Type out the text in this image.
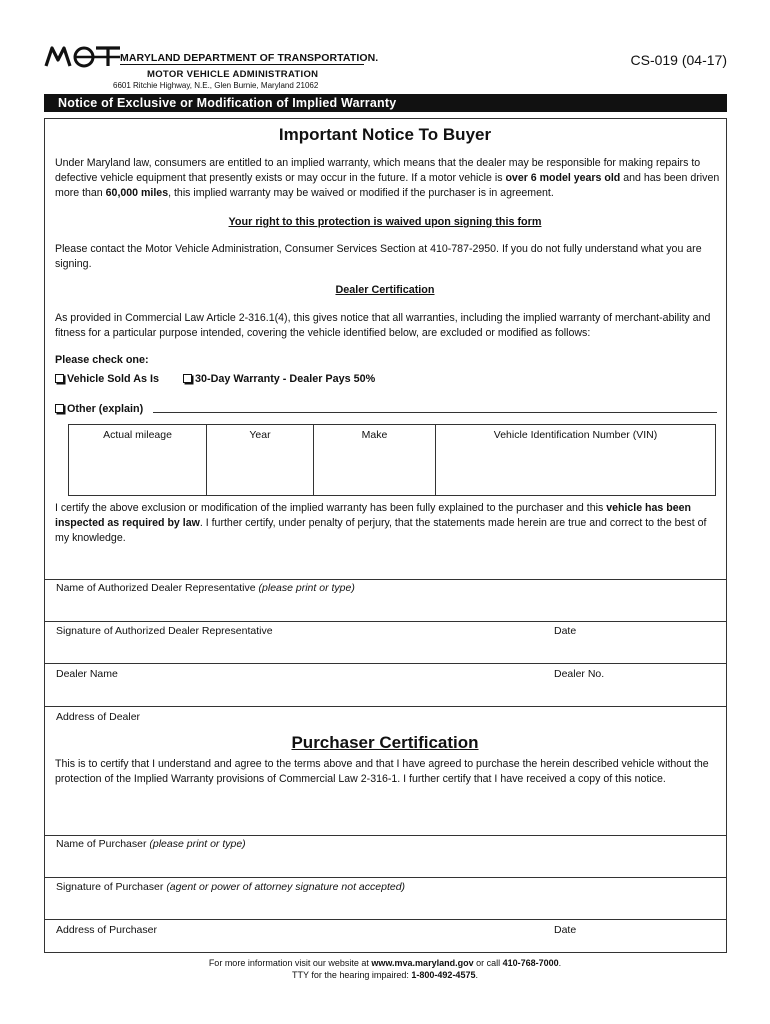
MARYLAND DEPARTMENT OF TRANSPORTATION.
MOTOR VEHICLE ADMINISTRATION
6601 Ritchie Highway, N.E., Glen Burnie, Maryland 21062
CS-019 (04-17)
Notice of Exclusive or Modification of Implied Warranty
Important Notice To Buyer
Under Maryland law, consumers are entitled to an implied warranty, which means that the dealer may be responsible for making repairs to defective vehicle equipment that presently exists or may occur in the future. If a motor vehicle is over 6 model years old and has been driven more than 60,000 miles, this implied warranty may be waived or modified if the purchaser is in agreement.
Your right to this protection is waived upon signing this form
Please contact the Motor Vehicle Administration, Consumer Services Section at 410-787-2950. If you do not fully understand what you are signing.
Dealer Certification
As provided in Commercial Law Article 2-316.1(4), this gives notice that all warranties, including the implied warranty of merchant-ability and fitness for a particular purpose intended, covering the vehicle identified below, are excluded or modified as follows:
Please check one:
Vehicle Sold As Is	30-Day Warranty - Dealer Pays 50%
Other (explain)
Actual mileage	Year	Make	Vehicle Identification Number (VIN)
I certify the above exclusion or modification of the implied warranty has been fully explained to the purchaser and this vehicle has been inspected as required by law. I further certify, under penalty of perjury, that the statements made herein are true and correct to the best of my knowledge.
Name of Authorized Dealer Representative (please print or type)
Signature of Authorized Dealer Representative	Date
Dealer Name	Dealer No.
Address of Dealer
Purchaser Certification
This is to certify that I understand and agree to the terms above and that I have agreed to purchase the herein described vehicle without the protection of the Implied Warranty provisions of Commercial Law 2-316-1. I further certify that I have received a copy of this notice.
Name of Purchaser (please print or type)
Signature of Purchaser (agent or power of attorney signature not accepted)
Address of Purchaser	Date
For more information visit our website at www.mva.maryland.gov or call 410-768-7000.
TTY for the hearing impaired: 1-800-492-4575.
